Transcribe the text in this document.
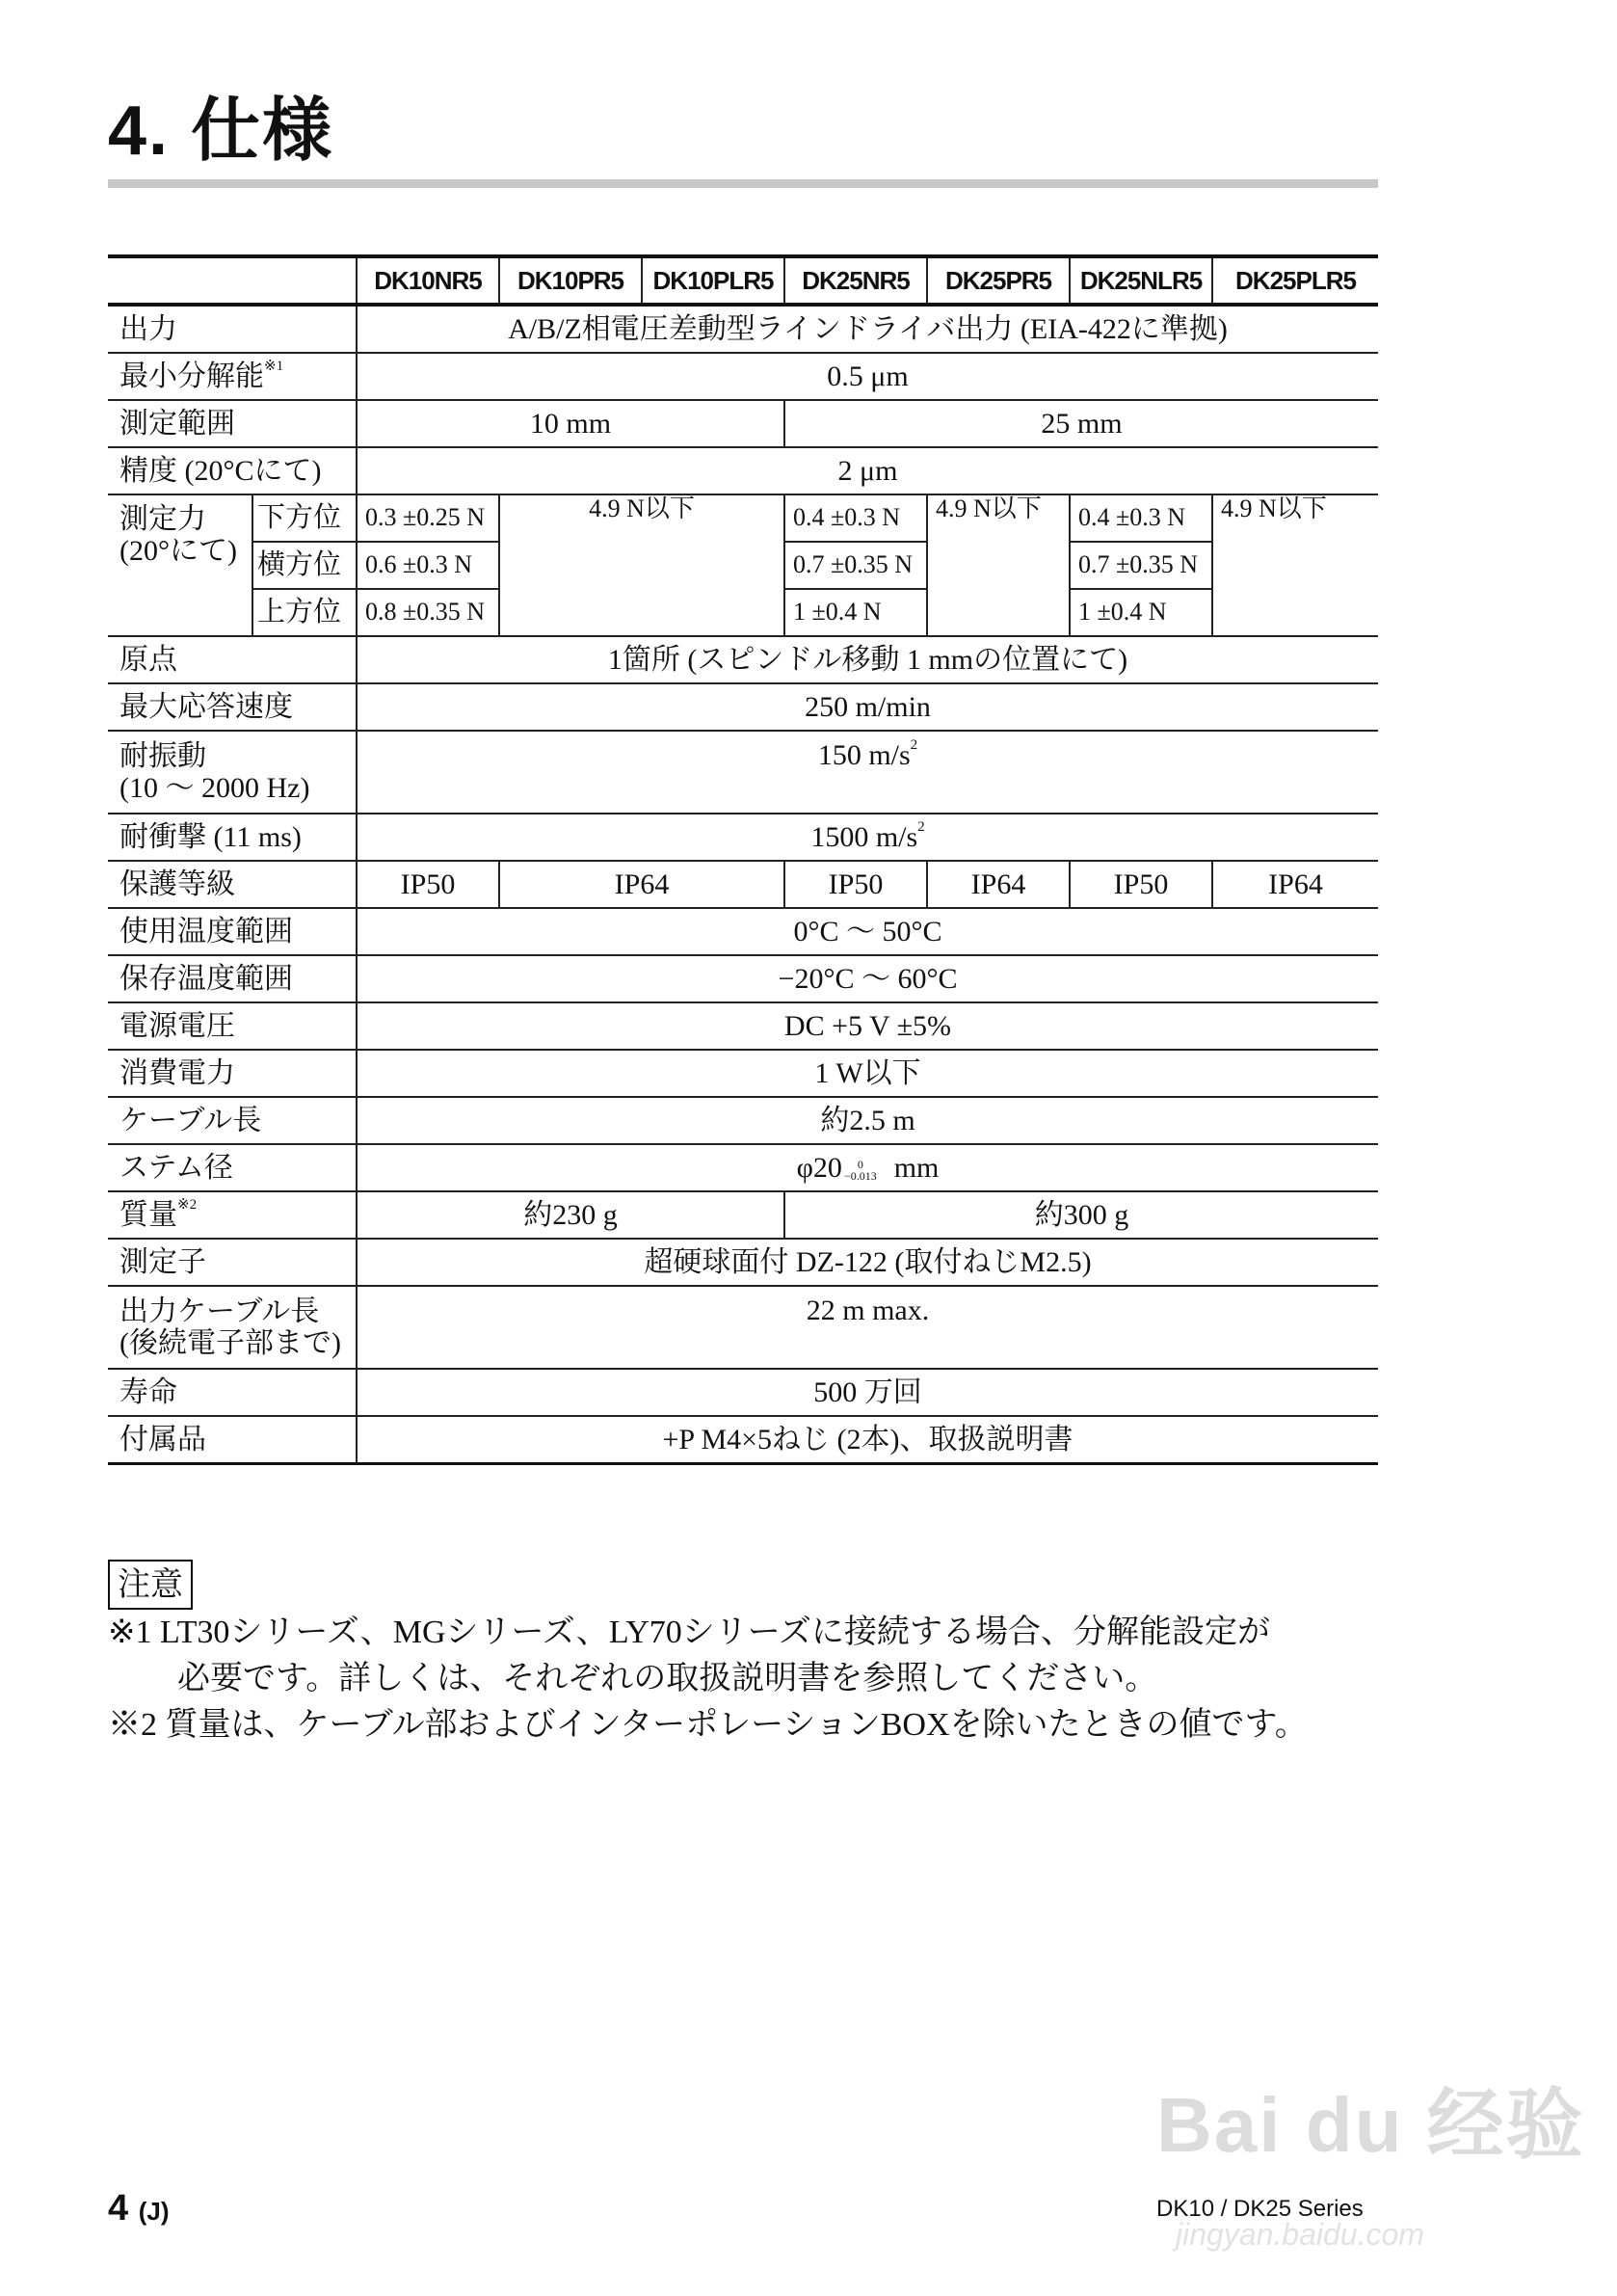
4. 仕様
		DK10NR5	DK10PR5	DK10PLR5	DK25NR5	DK25PR5	DK25NLR5	DK25PLR5
出力		A/B/Z相電圧差動型ラインドライバ出力 (EIA-422に準拠)						
最小分解能$^{※1}$		0.5 μm						
測定範囲		10 mm			25 mm			
精度 (20°Cにて)		2 μm						

測定力
(20°にて)	下方位	0.3 ±0.25 N	4.9 N以下		0.4 ±0.3 N	4.9 N以下	0.4 ±0.3 N	4.9 N以下
	横方位	0.6 ±0.3 N			0.7 ±0.35 N		0.7 ±0.35 N	
	上方位	0.8 ±0.35 N			1 ±0.4 N		1 ±0.4 N	
原点		1箇所 (スピンドル移動 1 mmの位置にて)						
最大応答速度		250 m/min						

耐振動
(10 ～ 2000 Hz)		150 $m/s^2$
耐衝撃 (11 ms)		1500 $m/s^2$
保護等級		IP50	IP64		IP50	IP64	IP50	IP64
使用温度範囲		0°C ～ 50°C						
保存温度範囲		−20°C ～ 60°C						
電源電圧		DC +5 V ±5%						
消費電力		1 W以下						
ケーブル長		約2.5 m						
ステム径		φ20 0
−0.013 mm						
質量$^{※2}$		約230 g			約300 g			
測定子		超硬球面付 DZ-122 (取付ねじM2.5)						

出力ケーブル長
(後続電子部まで)		22 m max.						
寿命		500 万回						
付属品		+P M4×5ねじ (2本)、取扱説明書						
注意

※1 LT30シリーズ、MGシリーズ、LY70シリーズに接続する場合、分解能設定が

必要です。詳しくは、それぞれの取扱説明書を参照してください。

※2 質量は、ケーブル部およびインターポレーションBOXを除いたときの値です。

Bai du 经验
jingyan.baidu.com
4 (J)	DK10 / DK25 Series
